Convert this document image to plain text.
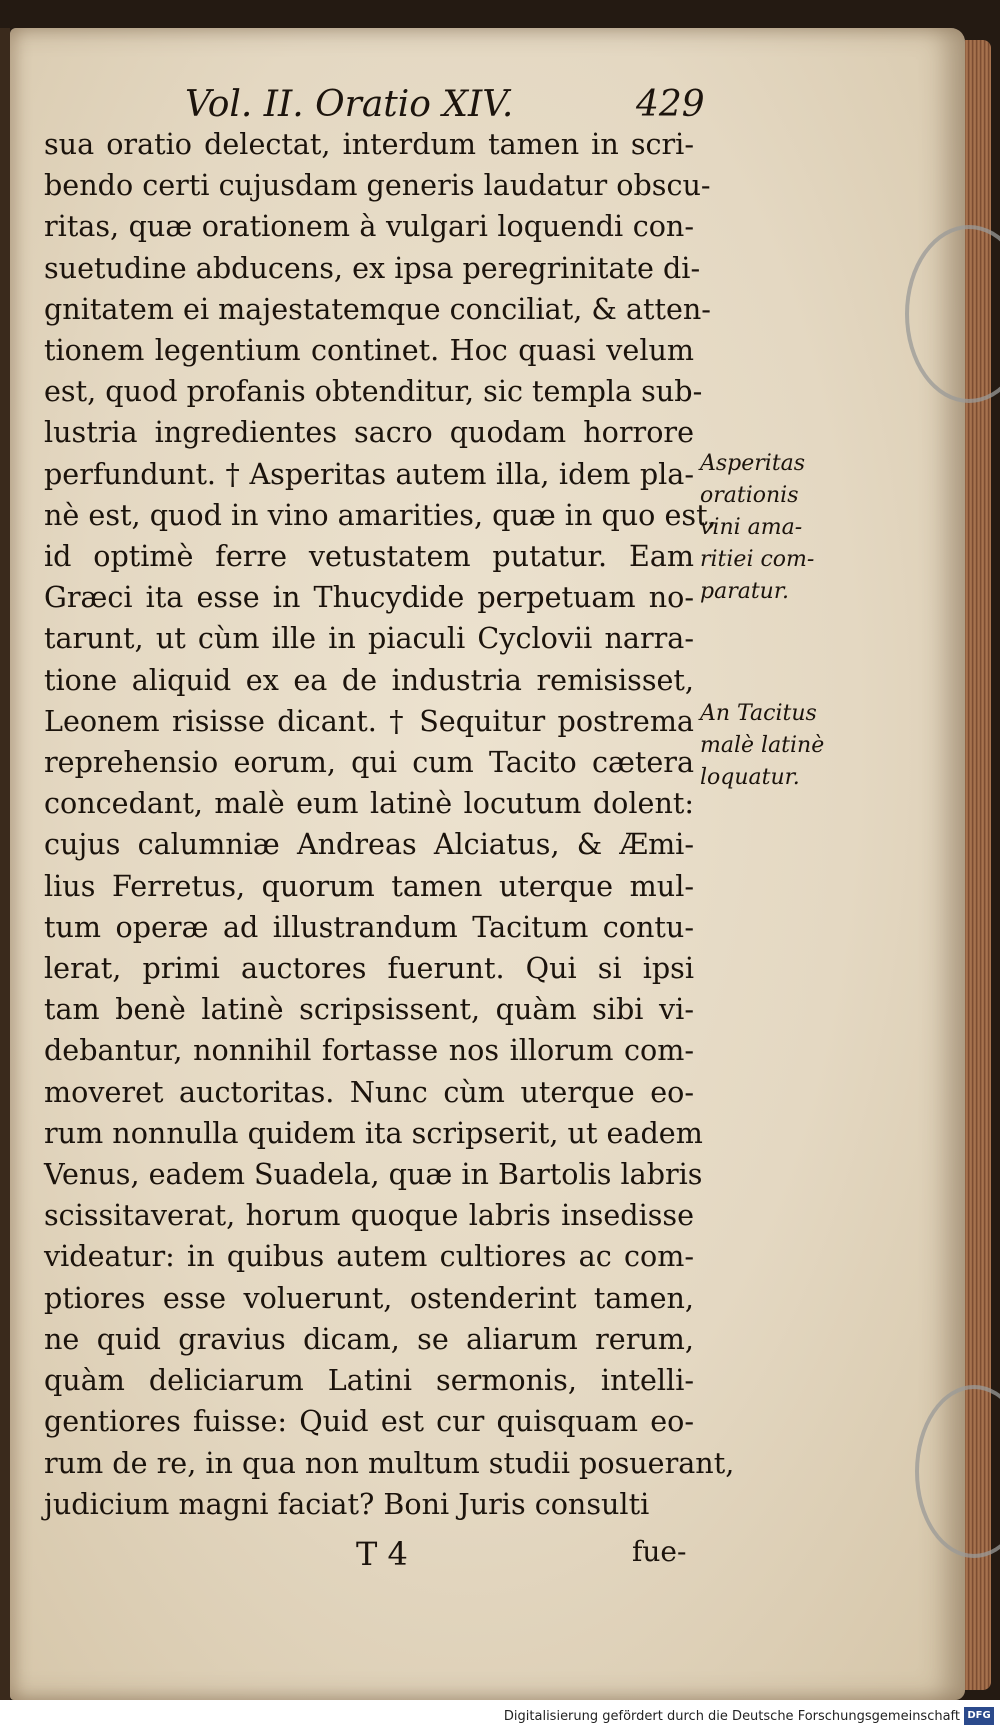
Vol. II. Oratio XIV.	429
sua oratio delectat, interdum tamen in scri-
bendo certi cujusdam generis laudatur obscu-
ritas, quæ orationem à vulgari loquendi con-
suetudine abducens, ex ipsa peregrinitate di-
gnitatem ei majestatemque conciliat, & atten-
tionem legentium continet. Hoc quasi velum
est, quod profanis obtenditur, sic templa sub-
lustria ingredientes sacro quodam horrore
perfundunt. † Asperitas autem illa, idem pla-
nè est, quod in vino amarities, quæ in quo est,
id optimè ferre vetustatem putatur. Eam
Græci ita esse in Thucydide perpetuam no-
tarunt, ut cùm ille in piaculi Cyclovii narra-
tione aliquid ex ea de industria remisisset,
Leonem risisse dicant. † Sequitur postrema
reprehensio eorum, qui cum Tacito cætera
concedant, malè eum latinè locutum dolent:
cujus calumniæ Andreas Alciatus, & Æmi-
lius Ferretus, quorum tamen uterque mul-
tum operæ ad illustrandum Tacitum contu-
lerat, primi auctores fuerunt. Qui si ipsi
tam benè latinè scripsissent, quàm sibi vi-
debantur, nonnihil fortasse nos illorum com-
moveret auctoritas. Nunc cùm uterque eo-
rum nonnulla quidem ita scripserit, ut eadem
Venus, eadem Suadela, quæ in Bartolis labris
scissitaverat, horum quoque labris insedisse
videatur: in quibus autem cultiores ac com-
ptiores esse voluerunt, ostenderint tamen,
ne quid gravius dicam, se aliarum rerum,
quàm deliciarum Latini sermonis, intelli-
gentiores fuisse: Quid est cur quisquam eo-
rum de re, in qua non multum studii posuerant,
judicium magni faciat? Boni Juris consulti
Asperitas
orationis
vini ama-
ritiei com-
paratur.
An Tacitus
malè latinè
loquatur.
T 4	fue-
Digitalisierung gefördert durch die Deutsche Forschungsgemeinschaft DFG
